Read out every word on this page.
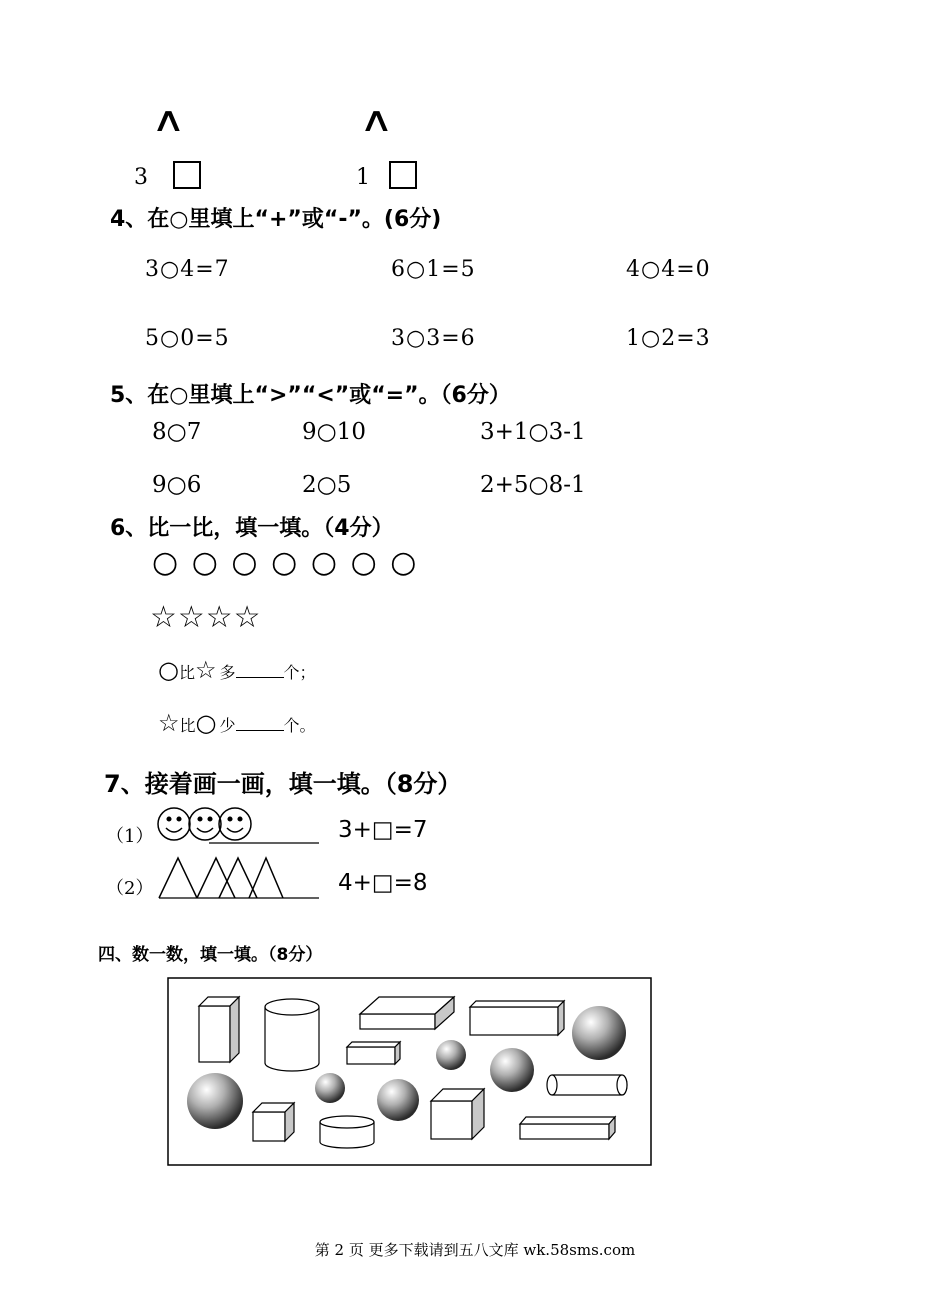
∧	∧
3	1
4、在○里填上“+”或“-”。(6分)
3○4=7	6○1=5	4○4=0
5○0=5	3○3=6	1○2=3
5、在○里填上“>”“<”或“=”。（6分）
8○7	9○10	3+1○3-1
9○6	2○5	2+5○8-1
6、比一比，填一填。（4分）
○ ○ ○ ○ ○ ○ ○
☆☆☆☆
○比☆ 多	个；
☆比○ 少	个。
7、接着画一画，填一填。（8分）
（1）	3+□=7
（2）	4+□=8
四、数一数，填一填。（8分）
第 2 页 更多下载请到五八文库 wk.58sms.com
